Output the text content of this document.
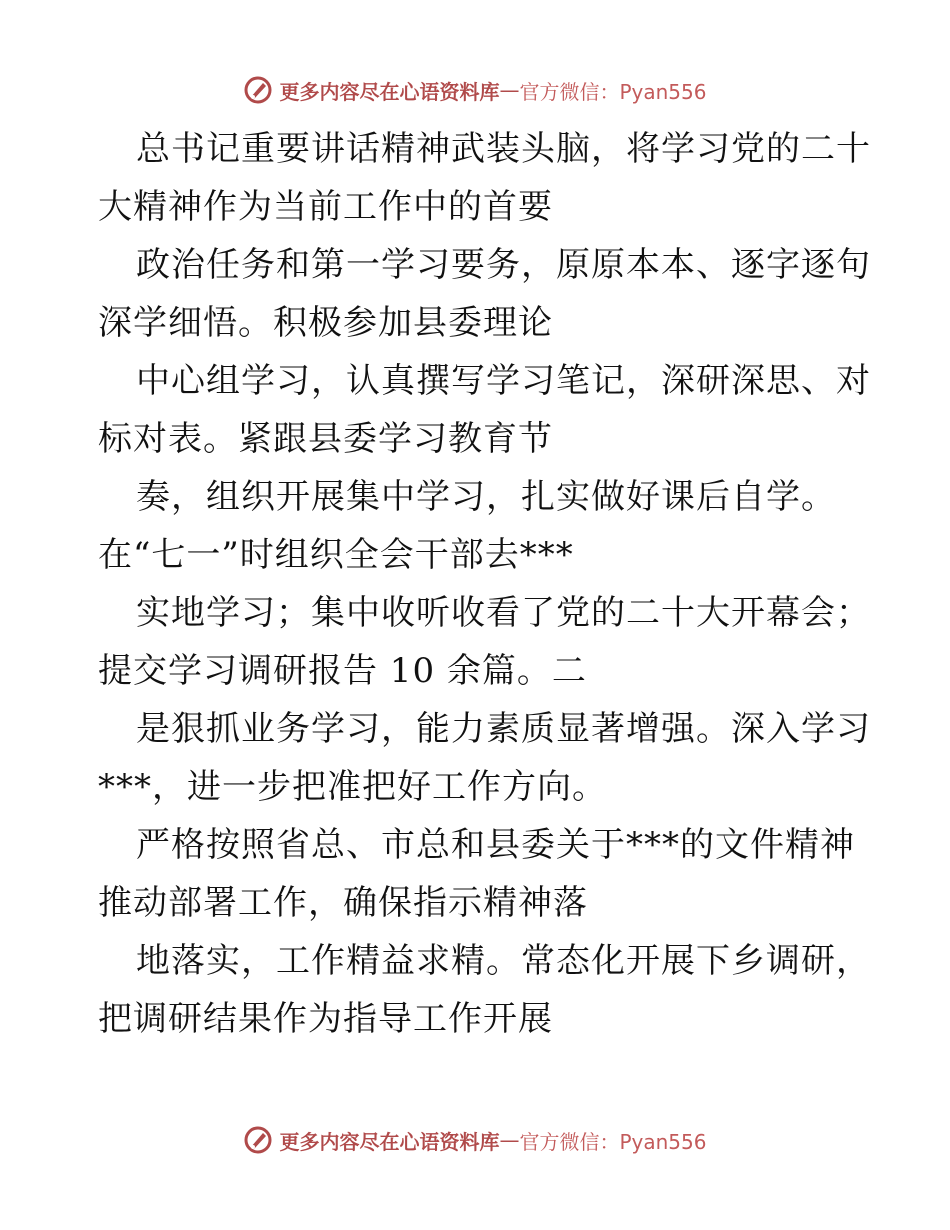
更多内容尽在心语资料库 — 官方微信：Pyan556
总书记重要讲话精神武装头脑，将学习党的二十
大精神作为当前工作中的首要
政治任务和第一学习要务，原原本本、逐字逐句
深学细悟。积极参加县委理论
中心组学习，认真撰写学习笔记，深研深思、对
标对表。紧跟县委学习教育节
奏，组织开展集中学习，扎实做好课后自学。
在“七一”时组织全会干部去***
实地学习；集中收听收看了党的二十大开幕会；
提交学习调研报告 10 余篇。二
是狠抓业务学习，能力素质显著增强。深入学习
***，进一步把准把好工作方向。
严格按照省总、市总和县委关于***的文件精神
推动部署工作，确保指示精神落
地落实，工作精益求精。常态化开展下乡调研，
把调研结果作为指导工作开展
更多内容尽在心语资料库 — 官方微信：Pyan556
